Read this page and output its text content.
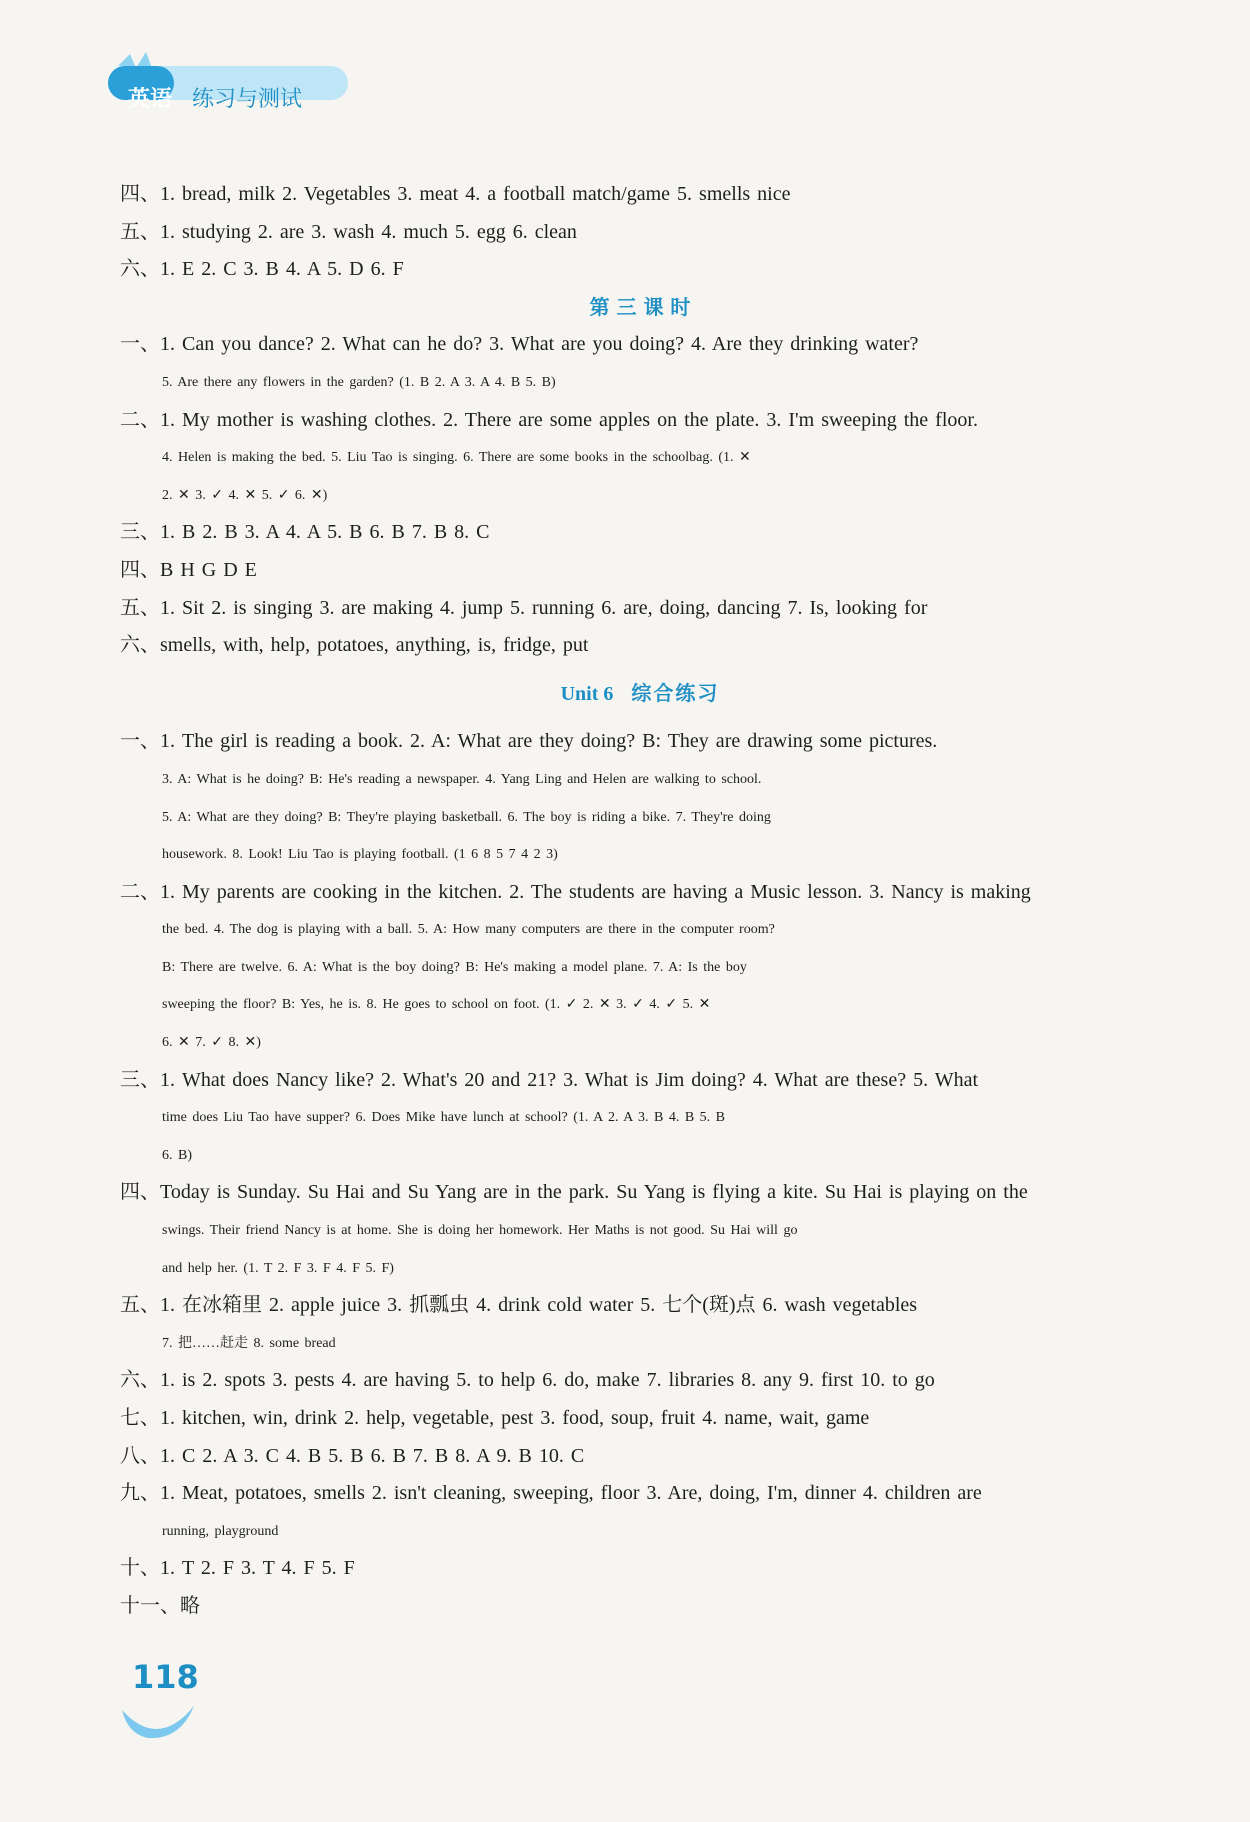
英语 练习与测试
四、1. bread, milk 2. Vegetables 3. meat 4. a football match/game 5. smells nice
五、1. studying 2. are 3. wash 4. much 5. egg 6. clean
六、1. E 2. C 3. B 4. A 5. D 6. F
第 三 课 时
一、1. Can you dance? 2. What can he do? 3. What are you doing? 4. Are they drinking water?
5. Are there any flowers in the garden? (1. B 2. A 3. A 4. B 5. B)
二、1. My mother is washing clothes. 2. There are some apples on the plate. 3. I'm sweeping the floor.
4. Helen is making the bed. 5. Liu Tao is singing. 6. There are some books in the schoolbag. (1. ✕
2. ✕ 3. ✓ 4. ✕ 5. ✓ 6. ✕)
三、1. B 2. B 3. A 4. A 5. B 6. B 7. B 8. C
四、B H G D E
五、1. Sit 2. is singing 3. are making 4. jump 5. running 6. are, doing, dancing 7. Is, looking for
六、smells, with, help, potatoes, anything, is, fridge, put
Unit 6 综合练习
一、1. The girl is reading a book. 2. A: What are they doing? B: They are drawing some pictures.
3. A: What is he doing? B: He's reading a newspaper. 4. Yang Ling and Helen are walking to school.
5. A: What are they doing? B: They're playing basketball. 6. The boy is riding a bike. 7. They're doing
housework. 8. Look! Liu Tao is playing football. (1 6 8 5 7 4 2 3)
二、1. My parents are cooking in the kitchen. 2. The students are having a Music lesson. 3. Nancy is making
the bed. 4. The dog is playing with a ball. 5. A: How many computers are there in the computer room?
B: There are twelve. 6. A: What is the boy doing? B: He's making a model plane. 7. A: Is the boy
sweeping the floor? B: Yes, he is. 8. He goes to school on foot. (1. ✓ 2. ✕ 3. ✓ 4. ✓ 5. ✕
6. ✕ 7. ✓ 8. ✕)
三、1. What does Nancy like? 2. What's 20 and 21? 3. What is Jim doing? 4. What are these? 5. What
time does Liu Tao have supper? 6. Does Mike have lunch at school? (1. A 2. A 3. B 4. B 5. B
6. B)
四、Today is Sunday. Su Hai and Su Yang are in the park. Su Yang is flying a kite. Su Hai is playing on the
swings. Their friend Nancy is at home. She is doing her homework. Her Maths is not good. Su Hai will go
and help her. (1. T 2. F 3. F 4. F 5. F)
五、1. 在冰箱里 2. apple juice 3. 抓瓢虫 4. drink cold water 5. 七个(斑)点 6. wash vegetables
7. 把……赶走 8. some bread
六、1. is 2. spots 3. pests 4. are having 5. to help 6. do, make 7. libraries 8. any 9. first 10. to go
七、1. kitchen, win, drink 2. help, vegetable, pest 3. food, soup, fruit 4. name, wait, game
八、1. C 2. A 3. C 4. B 5. B 6. B 7. B 8. A 9. B 10. C
九、1. Meat, potatoes, smells 2. isn't cleaning, sweeping, floor 3. Are, doing, I'm, dinner 4. children are
running, playground
十、1. T 2. F 3. T 4. F 5. F
十一、略
118
